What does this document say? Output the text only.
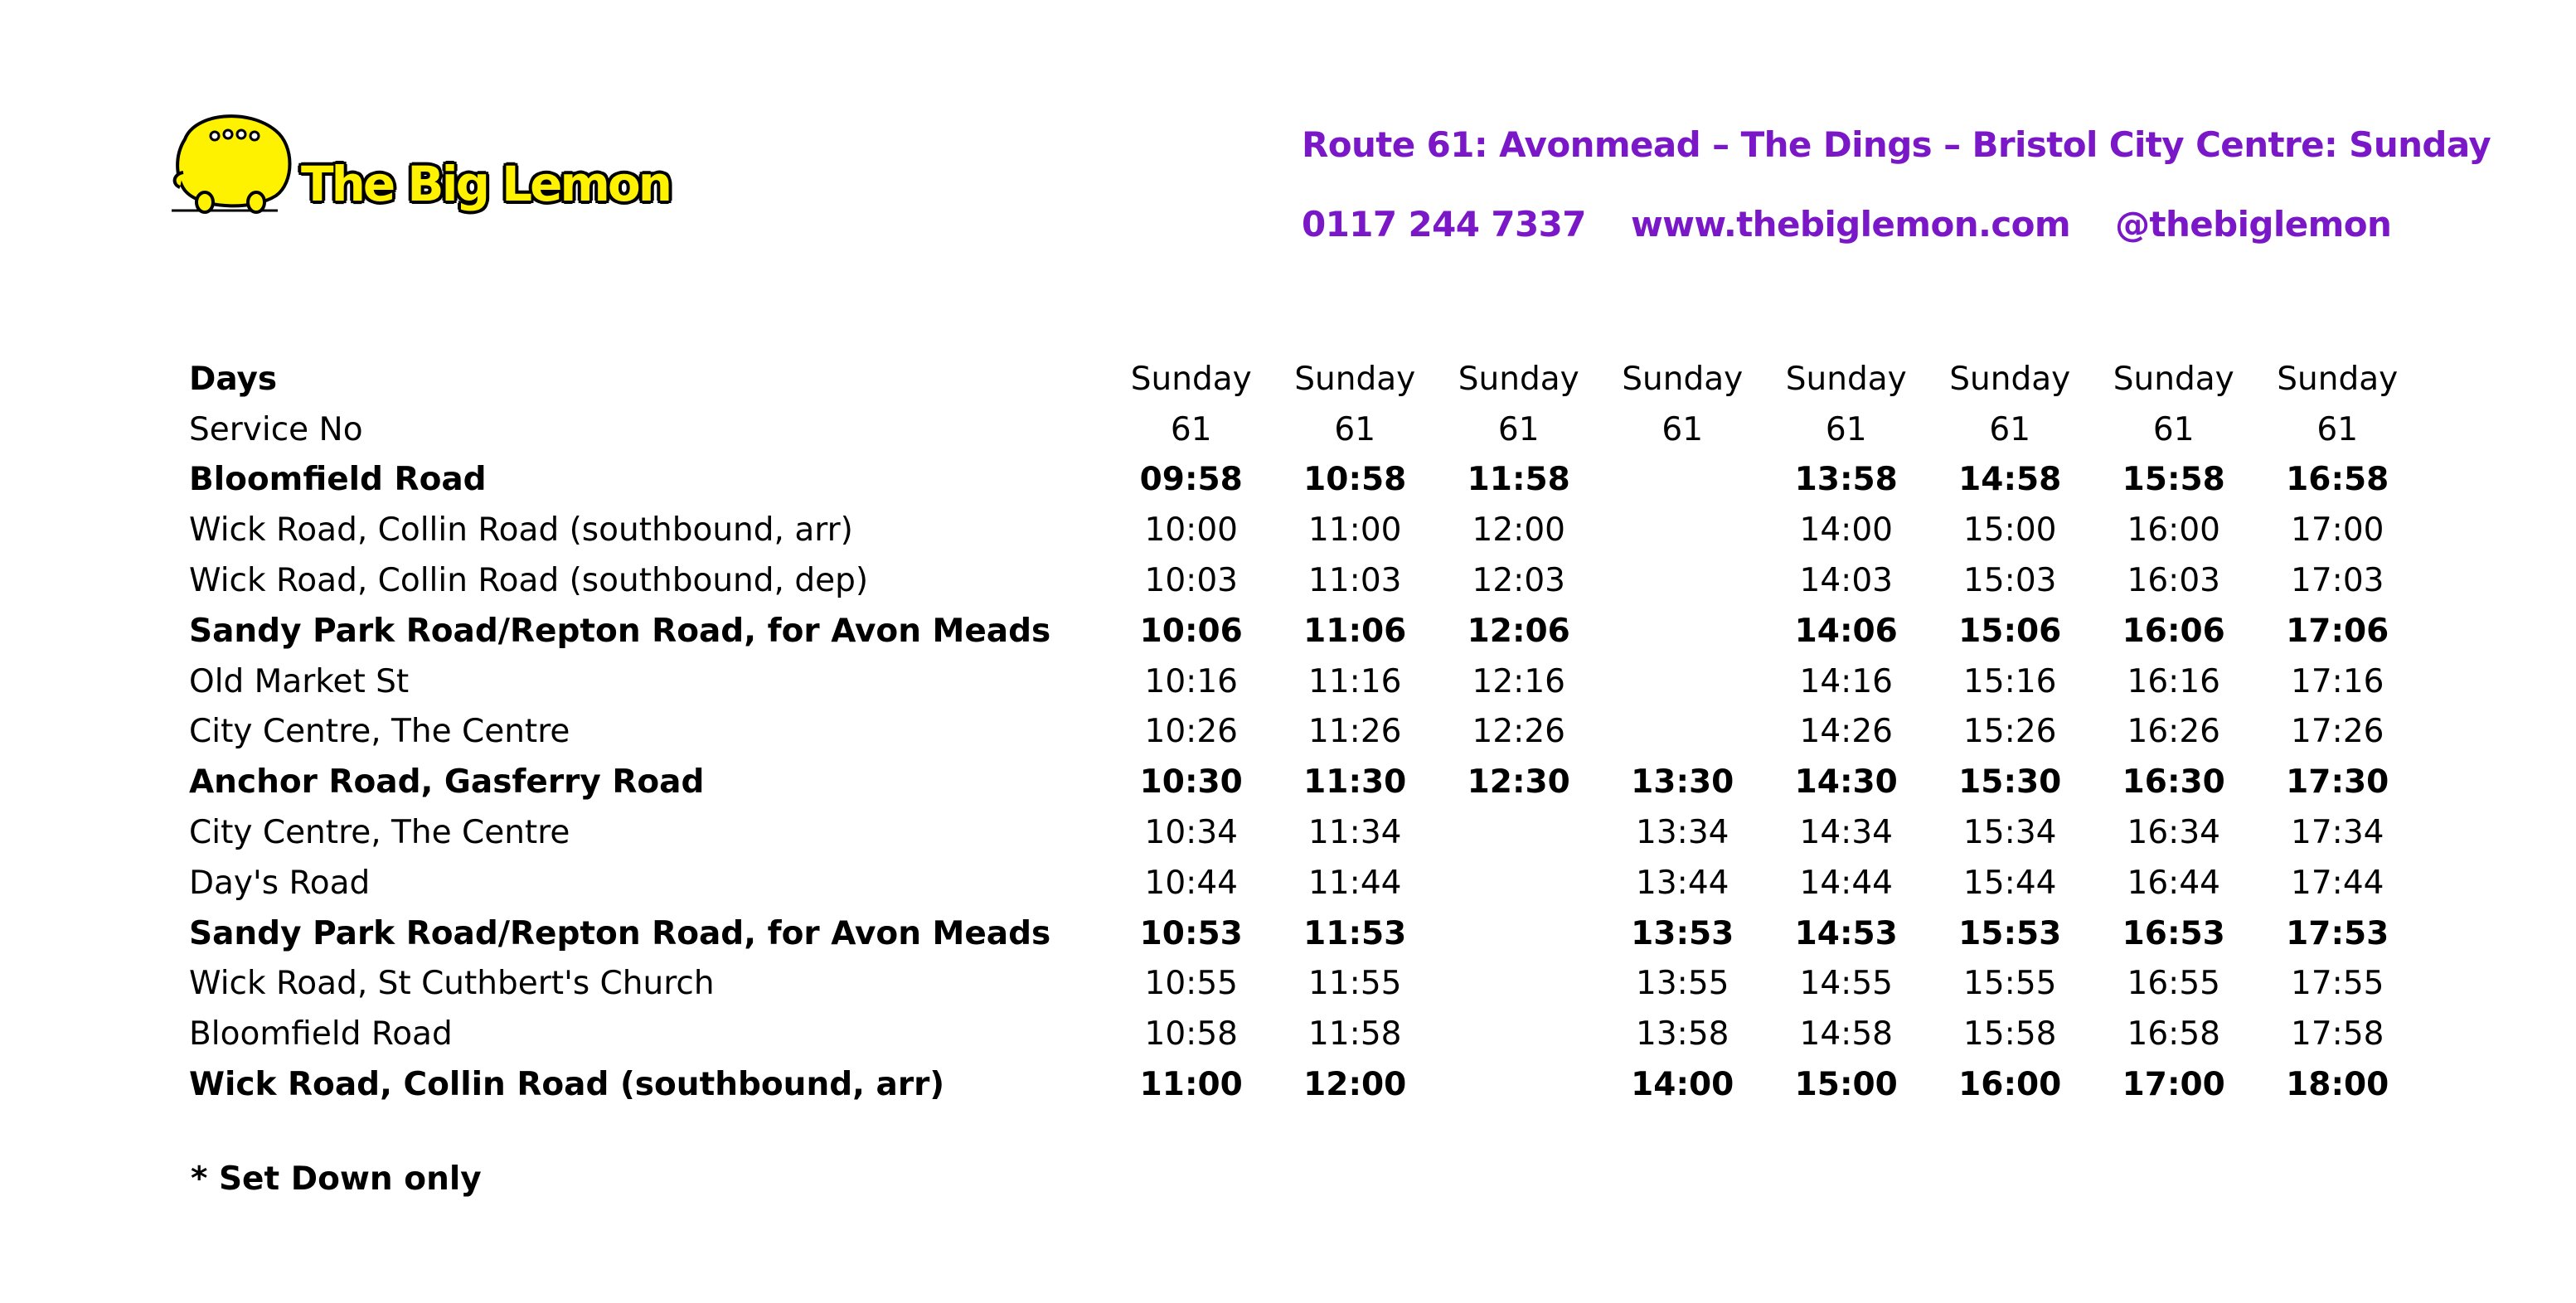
The Big Lemon
Route 61: Avonmead – The Dings – Bristol City Centre: Sunday
0117 244 7337 www.thebiglemon.com @thebiglemon
Days	Sunday	Sunday	Sunday	Sunday	Sunday	Sunday	Sunday	Sunday
Service No	61	61	61	61	61	61	61	61
Bloomfield Road	09:58	10:58	11:58		13:58	14:58	15:58	16:58
Wick Road, Collin Road (southbound, arr)	10:00	11:00	12:00		14:00	15:00	16:00	17:00
Wick Road, Collin Road (southbound, dep)	10:03	11:03	12:03		14:03	15:03	16:03	17:03
Sandy Park Road/Repton Road, for Avon Meads	10:06	11:06	12:06		14:06	15:06	16:06	17:06
Old Market St	10:16	11:16	12:16		14:16	15:16	16:16	17:16
City Centre, The Centre	10:26	11:26	12:26		14:26	15:26	16:26	17:26
Anchor Road, Gasferry Road	10:30	11:30	12:30	13:30	14:30	15:30	16:30	17:30
City Centre, The Centre	10:34	11:34		13:34	14:34	15:34	16:34	17:34
Day's Road	10:44	11:44		13:44	14:44	15:44	16:44	17:44
Sandy Park Road/Repton Road, for Avon Meads	10:53	11:53		13:53	14:53	15:53	16:53	17:53
Wick Road, St Cuthbert's Church	10:55	11:55		13:55	14:55	15:55	16:55	17:55
Bloomfield Road	10:58	11:58		13:58	14:58	15:58	16:58	17:58
Wick Road, Collin Road (southbound, arr)	11:00	12:00		14:00	15:00	16:00	17:00	18:00
* Set Down only
